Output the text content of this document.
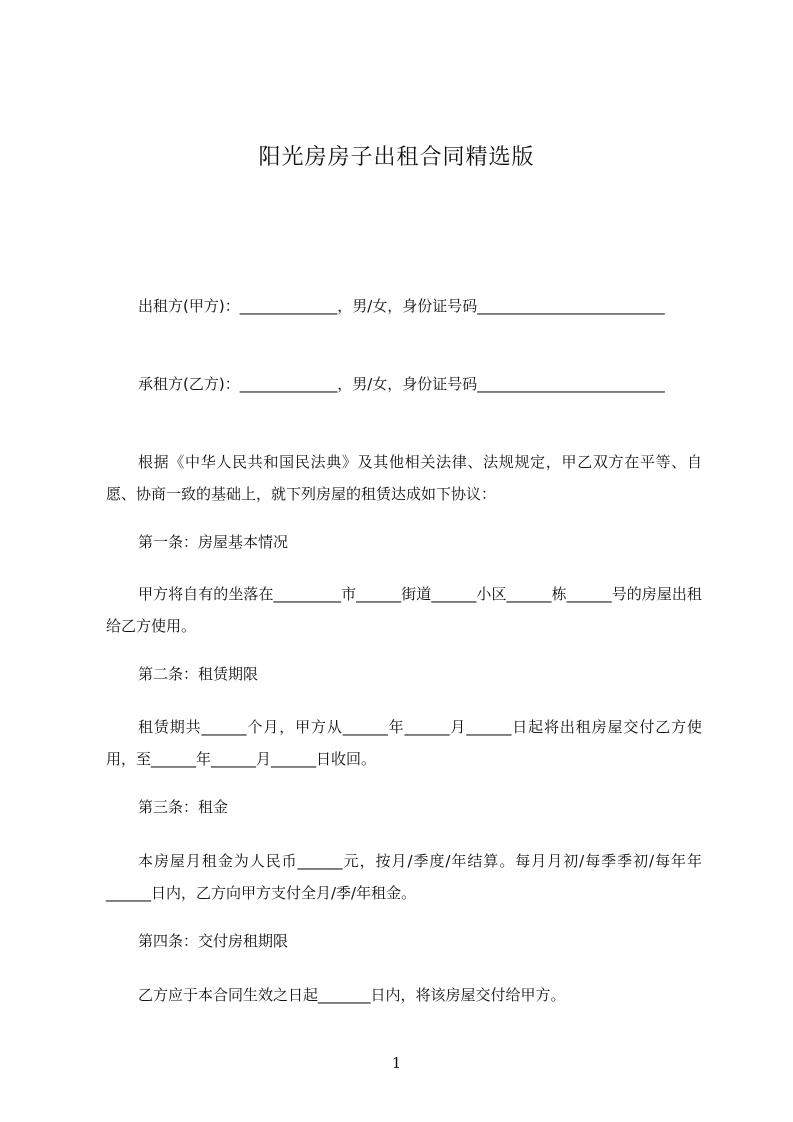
阳光房房子出租合同精选版
出租方(甲方)：_____________，男/女，身份证号码_________________________
承租方(乙方)：_____________，男/女，身份证号码_________________________
根据《中华人民共和国民法典》及其他相关法律、法规规定，甲乙双方在平等、自愿、协商一致的基础上，就下列房屋的租赁达成如下协议：
第一条：房屋基本情况
甲方将自有的坐落在_________市______街道______小区______栋______号的房屋出租给乙方使用。
第二条：租赁期限
租赁期共______个月，甲方从______年______月______日起将出租房屋交付乙方使用，至______年______月______日收回。
第三条：租金
本房屋月租金为人民币______元，按月/季度/年结算。每月月初/每季季初/每年年______日内，乙方向甲方支付全月/季/年租金。
第四条：交付房租期限
乙方应于本合同生效之日起_______日内，将该房屋交付给甲方。
1
